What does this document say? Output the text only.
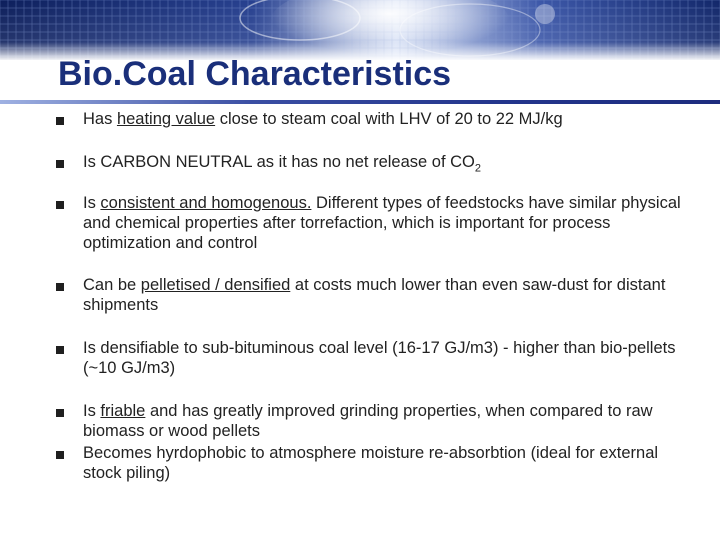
Bio.Coal Characteristics
Has heating value close to steam coal with LHV of 20 to 22 MJ/kg
Is CARBON NEUTRAL as it has no net release of $CO_2$
Is consistent and homogenous. Different types of feedstocks have similar physical and chemical properties after torrefaction, which is important for process optimization and control
Can be pelletised / densified at costs much lower than even saw-dust for distant shipments
Is densifiable to sub-bituminous coal level (16-17 GJ/m3) - higher than bio-pellets (~10 GJ/m3)
Is friable and has greatly improved grinding properties, when compared to raw biomass or wood pellets
Becomes hyrdophobic to atmosphere moisture re-absorbtion (ideal for external stock piling)
